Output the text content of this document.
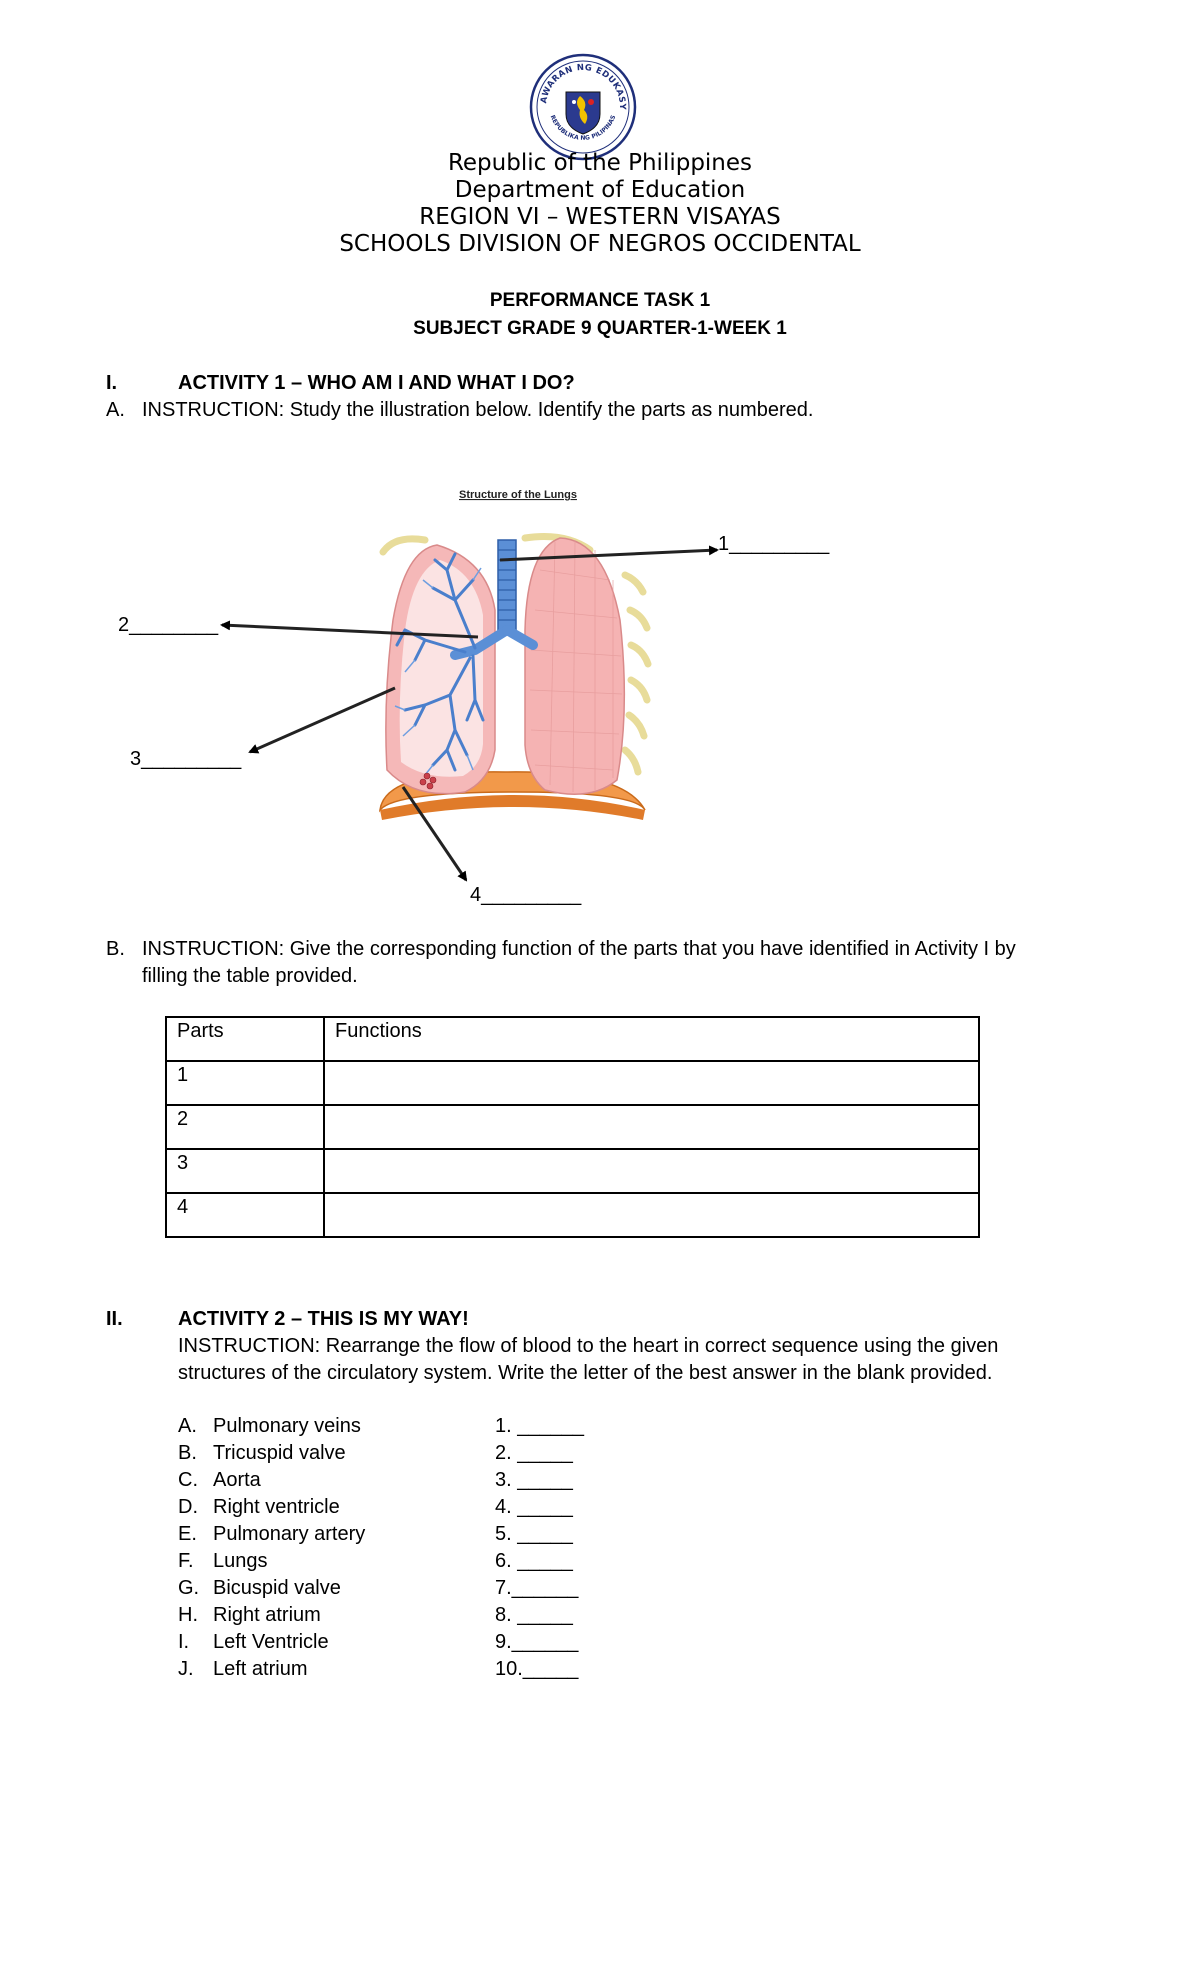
AWARAN NG EDUKASY
REPUBLIKA NG PILIPINAS
Republic of the Philippines
Department of Education
REGION VI – WESTERN VISAYAS
SCHOOLS DIVISION OF NEGROS OCCIDENTAL
PERFORMANCE TASK 1
SUBJECT GRADE 9 QUARTER-1-WEEK 1
I.	ACTIVITY 1 – WHO AM I AND WHAT I DO?
A. INSTRUCTION: Study the illustration below. Identify the parts as numbered.
Structure of the Lungs
1_________
2________
3_________
4_________
B. INSTRUCTION: Give the corresponding function of the parts that you have identified in Activity I by
filling the table provided.
Parts	Functions
1	
2	
3	
4	
II.	ACTIVITY 2 – THIS IS MY WAY!
INSTRUCTION: Rearrange the flow of blood to the heart in correct sequence using the given
structures of the circulatory system. Write the letter of the best answer in the blank provided.
A. Pulmonary veins
B. Tricuspid valve
C. Aorta
D. Right ventricle
E. Pulmonary artery
F. Lungs
G. Bicuspid valve
H. Right atrium
I. Left Ventricle
J. Left atrium
1. ______
2. _____
3. _____
4. _____
5. _____
6. _____
7.______
8. _____
9.______
10._____
